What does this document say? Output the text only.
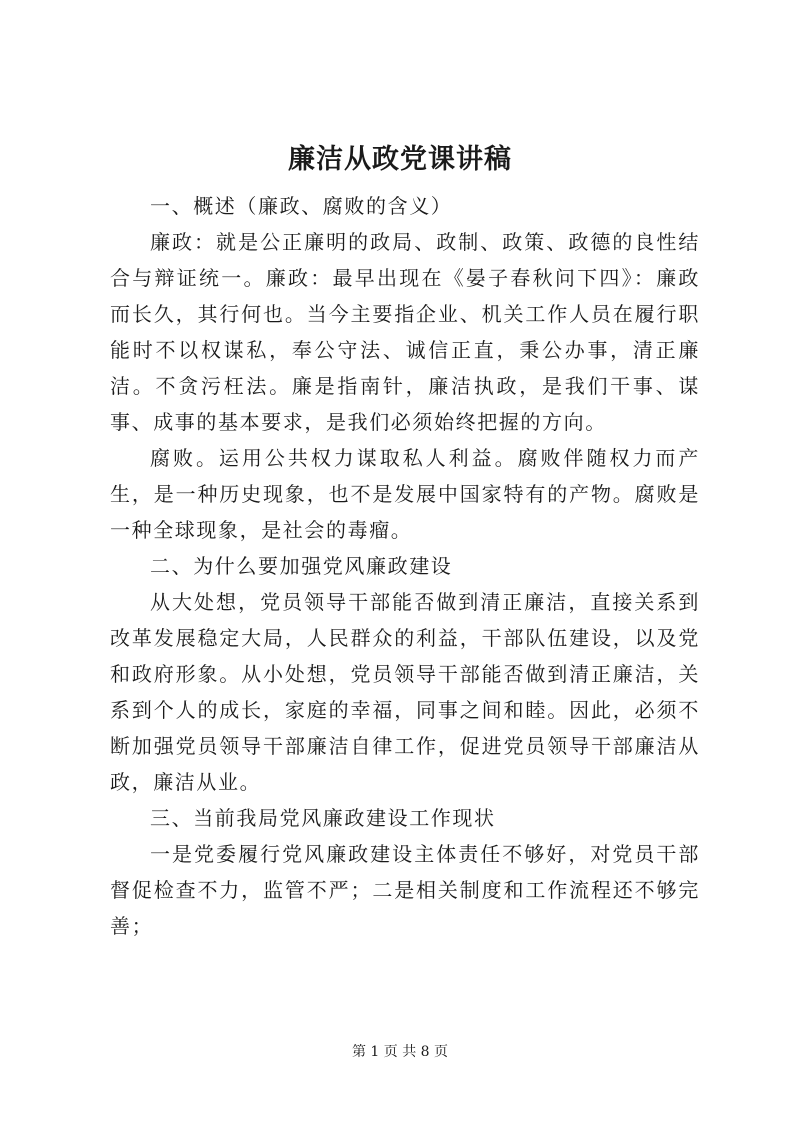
廉洁从政党课讲稿

一、概述（廉政、腐败的含义）

廉政：就是公正廉明的政局、政制、政策、政德的良性结合与辩证统一。廉政：最早出现在《晏子春秋问下四》：廉政而长久，其行何也。当今主要指企业、机关工作人员在履行职能时不以权谋私，奉公守法、诚信正直，秉公办事，清正廉洁。不贪污枉法。廉是指南针，廉洁执政，是我们干事、谋事、成事的基本要求，是我们必须始终把握的方向。

腐败。运用公共权力谋取私人利益。腐败伴随权力而产生，是一种历史现象，也不是发展中国家特有的产物。腐败是一种全球现象，是社会的毒瘤。

二、为什么要加强党风廉政建设

从大处想，党员领导干部能否做到清正廉洁，直接关系到改革发展稳定大局，人民群众的利益，干部队伍建设，以及党和政府形象。从小处想，党员领导干部能否做到清正廉洁，关系到个人的成长，家庭的幸福，同事之间和睦。因此，必须不断加强党员领导干部廉洁自律工作，促进党员领导干部廉洁从政，廉洁从业。

三、当前我局党风廉政建设工作现状

一是党委履行党风廉政建设主体责任不够好，对党员干部督促检查不力，监管不严；二是相关制度和工作流程还不够完善；

第 1 页 共 8 页
